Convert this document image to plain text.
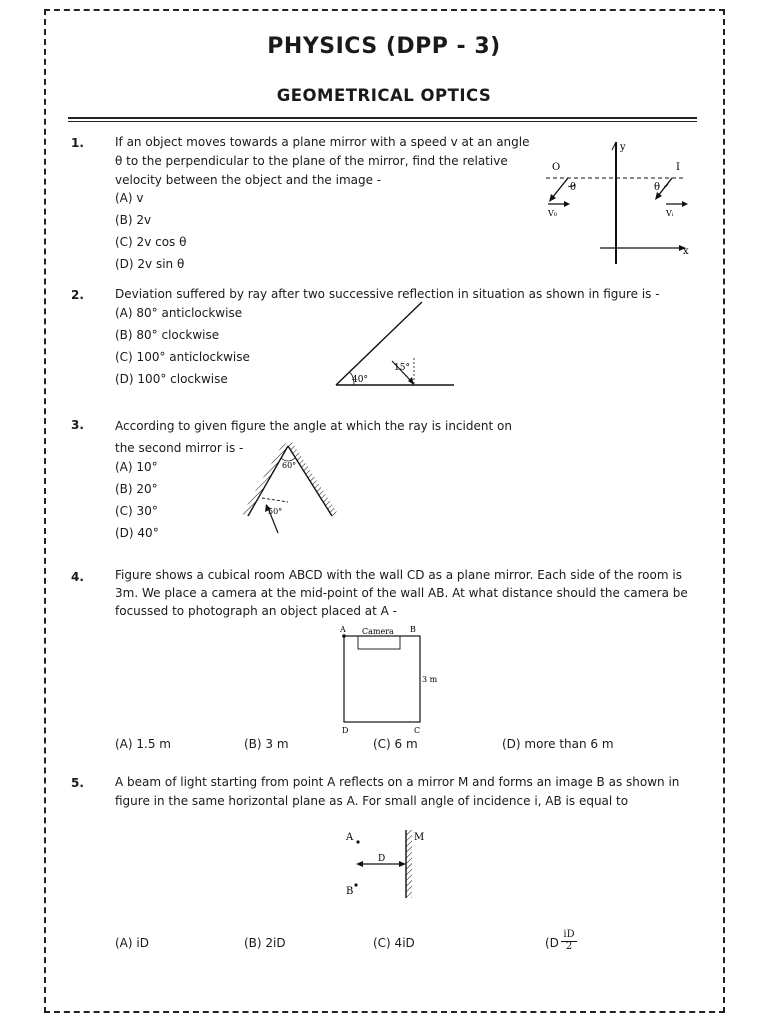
PHYSICS (DPP - 3)
GEOMETRICAL OPTICS
1.	If an object moves towards a plane mirror with a speed v at an angle

θ to the perpendicular to the plane of the mirror, find the relative

velocity between the object and the image -

(A) v
(B) 2v
(C) 2v cos θ
(D) 2v sin θ
y
x
O	I
θ	θ
V₀	Vᵢ
2.	Deviation suffered by ray after two successive reflection in situation as shown in figure is -

(A) 80° anticlockwise
(B) 80° clockwise
(C) 100° anticlockwise
(D) 100° clockwise	40°
15°
3.	According to given figure the angle at which the ray is incident on

the second mirror is -

(A) 10°
(B) 20°
(C) 30°
(D) 40°
60°
50°
4.	Figure shows a cubical room ABCD with the wall CD as a plane mirror. Each side of the room is

3m. We place a camera at the mid-point of the wall AB. At what distance should the camera be

focussed to photograph an object placed at A -

A	B
Camera
3 m
D	C
(A) 1.5 m	(B) 3 m	(C) 6 m	(D) more than 6 m
5.	A beam of light starting from point A reflects on a mirror M and forms an image B as shown in

figure in the same horizontal plane as A. For small angle of incidence i, AB is equal to

A
B
M
D
(A) iD	(B) 2iD	(C) 4iD	($D \frac{iD}{2}$
